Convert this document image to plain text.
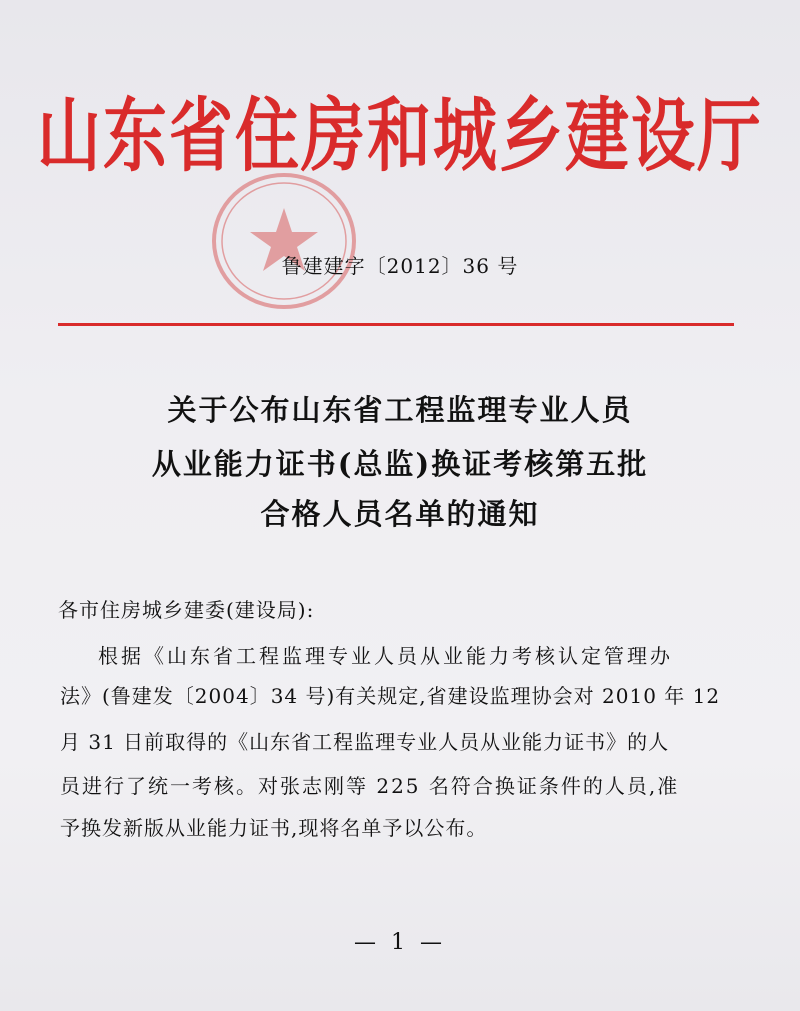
山东省住房和城乡建设厅
鲁建建字〔2012〕36 号
关于公布山东省工程监理专业人员
从业能力证书(总监)换证考核第五批
合格人员名单的通知
各市住房城乡建委(建设局):
根据《山东省工程监理专业人员从业能力考核认定管理办
法》(鲁建发〔2004〕34 号)有关规定,省建设监理协会对 2010 年 12
月 31 日前取得的《山东省工程监理专业人员从业能力证书》的人
员进行了统一考核。对张志刚等 225 名符合换证条件的人员,准
予换发新版从业能力证书,现将名单予以公布。
— 1 —
